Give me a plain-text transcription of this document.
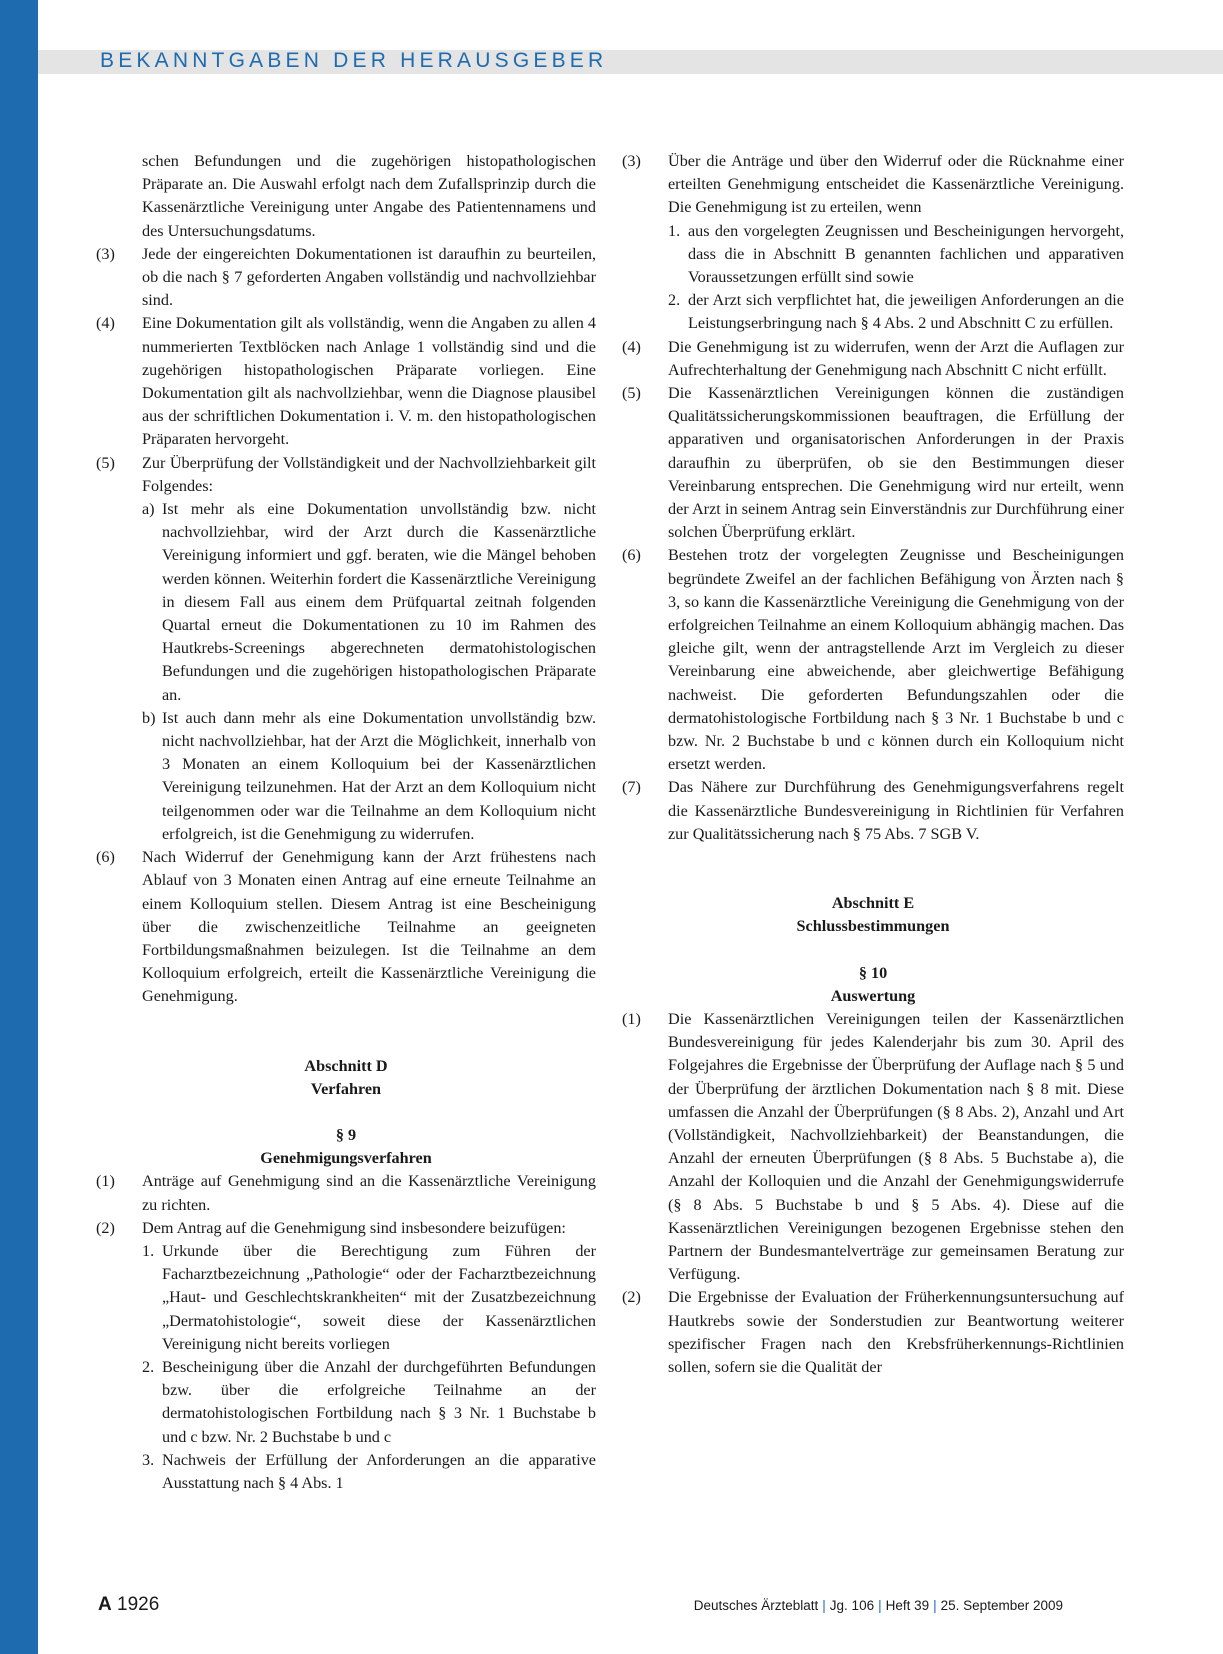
BEKANNTGABEN DER HERAUSGEBER
schen Befundungen und die zugehörigen histopathologischen Präparate an. Die Auswahl erfolgt nach dem Zufallsprinzip durch die Kassenärztliche Vereinigung unter Angabe des Patientennamens und des Untersuchungsdatums.
(3) Jede der eingereichten Dokumentationen ist daraufhin zu beurteilen, ob die nach § 7 geforderten Angaben vollständig und nachvollziehbar sind.
(4) Eine Dokumentation gilt als vollständig, wenn die Angaben zu allen 4 nummerierten Textblöcken nach Anlage 1 vollständig sind und die zugehörigen histopathologischen Präparate vorliegen. Eine Dokumentation gilt als nachvollziehbar, wenn die Diagnose plausibel aus der schriftlichen Dokumentation i. V. m. den histopathologischen Präparaten hervorgeht.
(5) Zur Überprüfung der Vollständigkeit und der Nachvollziehbarkeit gilt Folgendes:
a) Ist mehr als eine Dokumentation unvollständig bzw. nicht nachvollziehbar, wird der Arzt durch die Kassenärztliche Vereinigung informiert und ggf. beraten, wie die Mängel behoben werden können. Weiterhin fordert die Kassenärztliche Vereinigung in diesem Fall aus einem dem Prüfquartal zeitnah folgenden Quartal erneut die Dokumentationen zu 10 im Rahmen des Hautkrebs-Screenings abgerechneten dermatohistologischen Befundungen und die zugehörigen histopathologischen Präparate an.
b) Ist auch dann mehr als eine Dokumentation unvollständig bzw. nicht nachvollziehbar, hat der Arzt die Möglichkeit, innerhalb von 3 Monaten an einem Kolloquium bei der Kassenärztlichen Vereinigung teilzunehmen. Hat der Arzt an dem Kolloquium nicht teilgenommen oder war die Teilnahme an dem Kolloquium nicht erfolgreich, ist die Genehmigung zu widerrufen.
(6) Nach Widerruf der Genehmigung kann der Arzt frühestens nach Ablauf von 3 Monaten einen Antrag auf eine erneute Teilnahme an einem Kolloquium stellen. Diesem Antrag ist eine Bescheinigung über die zwischenzeitliche Teilnahme an geeigneten Fortbildungsmaßnahmen beizulegen. Ist die Teilnahme an dem Kolloquium erfolgreich, erteilt die Kassenärztliche Vereinigung die Genehmigung.
Abschnitt D
Verfahren
§ 9
Genehmigungsverfahren
(1) Anträge auf Genehmigung sind an die Kassenärztliche Vereinigung zu richten.
(2) Dem Antrag auf die Genehmigung sind insbesondere beizufügen:
1. Urkunde über die Berechtigung zum Führen der Facharztbezeichnung „Pathologie“ oder der Facharztbezeichnung „Haut- und Geschlechtskrankheiten“ mit der Zusatzbezeichnung „Dermatohistologie“, soweit diese der Kassenärztlichen Vereinigung nicht bereits vorliegen
2. Bescheinigung über die Anzahl der durchgeführten Befundungen bzw. über die erfolgreiche Teilnahme an der dermatohistologischen Fortbildung nach § 3 Nr. 1 Buchstabe b und c bzw. Nr. 2 Buchstabe b und c
3. Nachweis der Erfüllung der Anforderungen an die apparative Ausstattung nach § 4 Abs. 1
(3) Über die Anträge und über den Widerruf oder die Rücknahme einer erteilten Genehmigung entscheidet die Kassenärztliche Vereinigung. Die Genehmigung ist zu erteilen, wenn
1. aus den vorgelegten Zeugnissen und Bescheinigungen hervorgeht, dass die in Abschnitt B genannten fachlichen und apparativen Voraussetzungen erfüllt sind sowie
2. der Arzt sich verpflichtet hat, die jeweiligen Anforderungen an die Leistungserbringung nach § 4 Abs. 2 und Abschnitt C zu erfüllen.
(4) Die Genehmigung ist zu widerrufen, wenn der Arzt die Auflagen zur Aufrechterhaltung der Genehmigung nach Abschnitt C nicht erfüllt.
(5) Die Kassenärztlichen Vereinigungen können die zuständigen Qualitätssicherungskommissionen beauftragen, die Erfüllung der apparativen und organisatorischen Anforderungen in der Praxis daraufhin zu überprüfen, ob sie den Bestimmungen dieser Vereinbarung entsprechen. Die Genehmigung wird nur erteilt, wenn der Arzt in seinem Antrag sein Einverständnis zur Durchführung einer solchen Überprüfung erklärt.
(6) Bestehen trotz der vorgelegten Zeugnisse und Bescheinigungen begründete Zweifel an der fachlichen Befähigung von Ärzten nach § 3, so kann die Kassenärztliche Vereinigung die Genehmigung von der erfolgreichen Teilnahme an einem Kolloquium abhängig machen. Das gleiche gilt, wenn der antragstellende Arzt im Vergleich zu dieser Vereinbarung eine abweichende, aber gleichwertige Befähigung nachweist. Die geforderten Befundungszahlen oder die dermatohistologische Fortbildung nach § 3 Nr. 1 Buchstabe b und c bzw. Nr. 2 Buchstabe b und c können durch ein Kolloquium nicht ersetzt werden.
(7) Das Nähere zur Durchführung des Genehmigungsverfahrens regelt die Kassenärztliche Bundesvereinigung in Richtlinien für Verfahren zur Qualitätssicherung nach § 75 Abs. 7 SGB V.
Abschnitt E
Schlussbestimmungen
§ 10
Auswertung
(1) Die Kassenärztlichen Vereinigungen teilen der Kassenärztlichen Bundesvereinigung für jedes Kalenderjahr bis zum 30. April des Folgejahres die Ergebnisse der Überprüfung der Auflage nach § 5 und der Überprüfung der ärztlichen Dokumentation nach § 8 mit. Diese umfassen die Anzahl der Überprüfungen (§ 8 Abs. 2), Anzahl und Art (Vollständigkeit, Nachvollziehbarkeit) der Beanstandungen, die Anzahl der erneuten Überprüfungen (§ 8 Abs. 5 Buchstabe a), die Anzahl der Kolloquien und die Anzahl der Genehmigungswiderrufe (§ 8 Abs. 5 Buchstabe b und § 5 Abs. 4). Diese auf die Kassenärztlichen Vereinigungen bezogenen Ergebnisse stehen den Partnern der Bundesmantelverträge zur gemeinsamen Beratung zur Verfügung.
(2) Die Ergebnisse der Evaluation der Früherkennungsuntersuchung auf Hautkrebs sowie der Sonderstudien zur Beantwortung weiterer spezifischer Fragen nach den Krebsfrüherkennungs-Richtlinien sollen, sofern sie die Qualität der
A 1926	Deutsches Ärzteblatt | Jg. 106 | Heft 39 | 25. September 2009
